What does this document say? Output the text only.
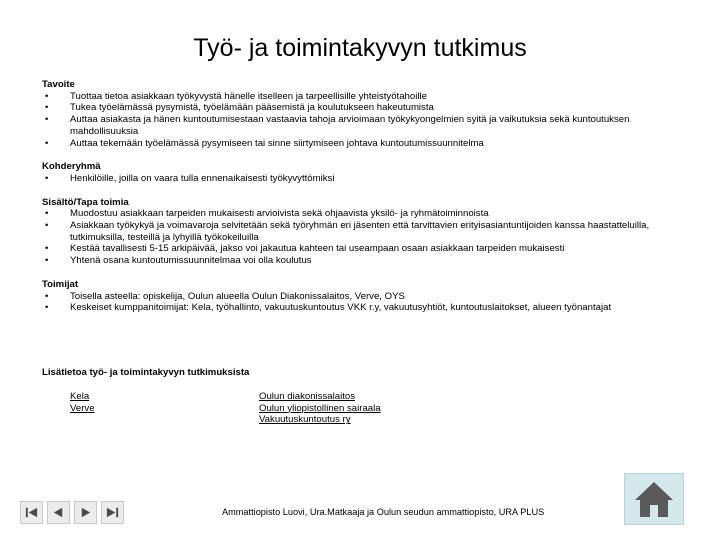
Työ- ja toimintakyvyn tutkimus
Tavoite
• Tuottaa tietoa asiakkaan työkyvystä hänelle itselleen ja tarpeellisille yhteistyötahoille
• Tukea työelämässä pysymistä, työelämään pääsemistä ja koulutukseen hakeutumista
• Auttaa asiakasta ja hänen kuntoutumisestaan vastaavia tahoja arvioimaan työkykyongelmien syitä ja vaikutuksia sekä kuntoutuksen mahdollisuuksia
• Auttaa tekemään työelämässä pysymiseen tai sinne siirtymiseen johtava kuntoutumissuunnitelma
Kohderyhmä
• Henkilöille, joilla on vaara tulla ennenaikaisesti työkyvyttömiksi
Sisältö/Tapa toimia
• Muodostuu asiakkaan tarpeiden mukaisesti arvioivista sekä ohjaavista yksilö- ja ryhmätoiminnoista
• Asiakkaan työkykyä ja voimavaroja selvitetään sekä työryhmän eri jäsenten että tarvittavien erityisasiantuntijoiden kanssa haastatteluilla, tutkimuksilla, testeillä ja lyhyillä työkokeiluilla
• Kestää tavallisesti 5-15 arkipäivää, jakso voi jakautua kahteen tai useampaan osaan asiakkaan tarpeiden mukaisesti
• Yhtenä osana kuntoutumissuunnitelmaa voi olla koulutus
Toimijat
• Toisella asteella: opiskelija, Oulun alueella Oulun Diakonissalaitos, Verve, OYS
• Keskeiset kumppanitoimijat: Kela, työhallinto, vakuutuskuntoutus VKK r.y, vakuutusyhtiöt, kuntoutuslaitokset, alueen työnantajat
Lisätietoa työ- ja toimintakyvyn tutkimuksista
Kela
Verve
Oulun diakonissalaitos
Oulun yliopistollinen sairaala
Vakuutuskuntoutus ry
Ammattiopisto Luovi, Ura.Matkaaja ja Oulun seudun ammattiopisto, URA PLUS
